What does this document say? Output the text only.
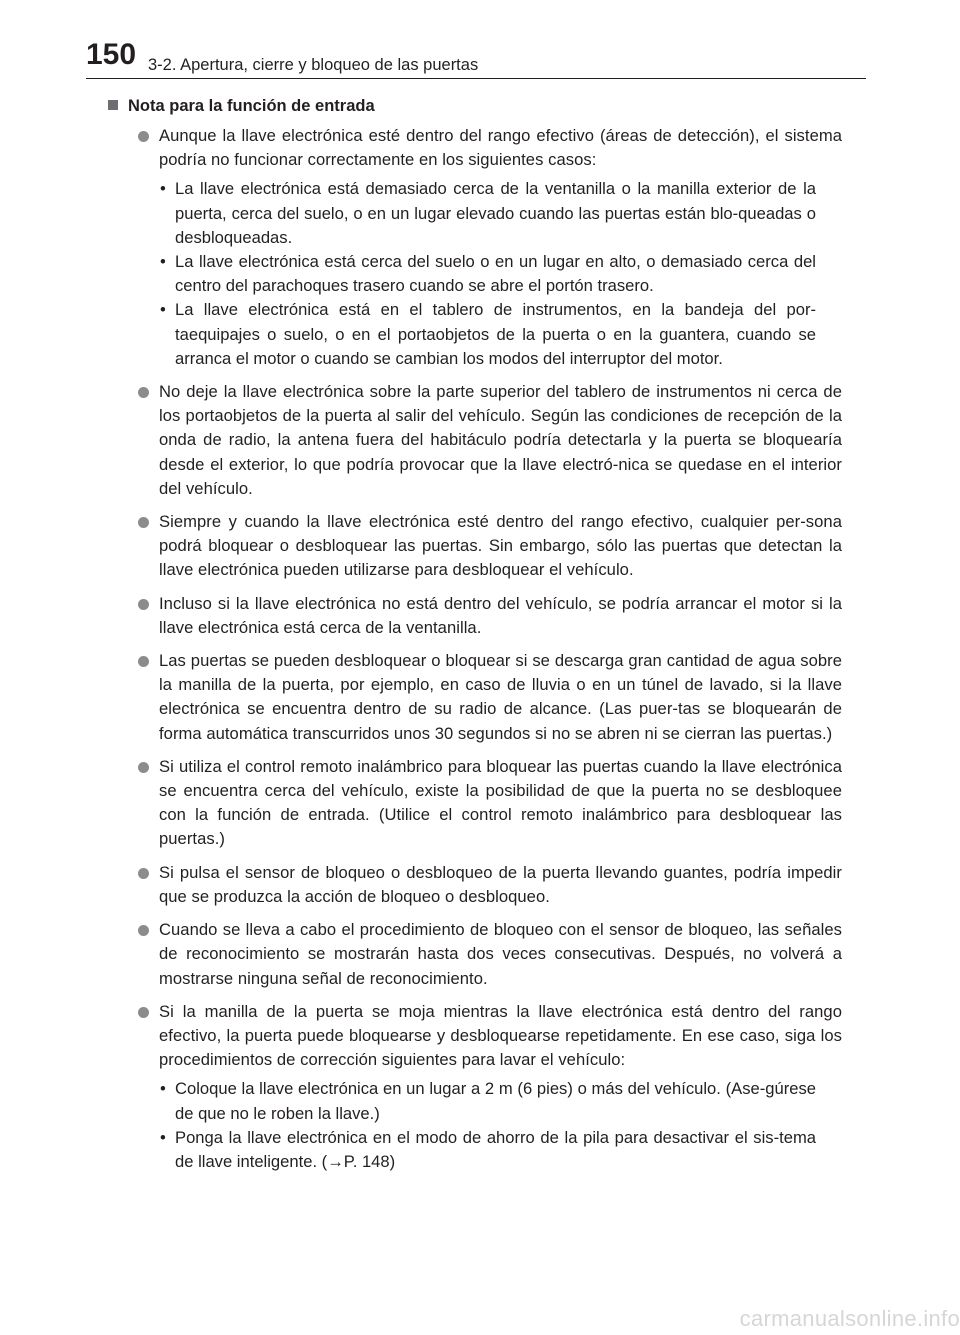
150 3-2. Apertura, cierre y bloqueo de las puertas
Nota para la función de entrada
Aunque la llave electrónica esté dentro del rango efectivo (áreas de detección), el sistema podría no funcionar correctamente en los siguientes casos:
• La llave electrónica está demasiado cerca de la ventanilla o la manilla exterior de la puerta, cerca del suelo, o en un lugar elevado cuando las puertas están blo-queadas o desbloqueadas.
• La llave electrónica está cerca del suelo o en un lugar en alto, o demasiado cerca del centro del parachoques trasero cuando se abre el portón trasero.
• La llave electrónica está en el tablero de instrumentos, en la bandeja del por-taequipajes o suelo, o en el portaobjetos de la puerta o en la guantera, cuando se arranca el motor o cuando se cambian los modos del interruptor del motor.
No deje la llave electrónica sobre la parte superior del tablero de instrumentos ni cerca de los portaobjetos de la puerta al salir del vehículo. Según las condiciones de recepción de la onda de radio, la antena fuera del habitáculo podría detectarla y la puerta se bloquearía desde el exterior, lo que podría provocar que la llave electró-nica se quedase en el interior del vehículo.
Siempre y cuando la llave electrónica esté dentro del rango efectivo, cualquier per-sona podrá bloquear o desbloquear las puertas. Sin embargo, sólo las puertas que detectan la llave electrónica pueden utilizarse para desbloquear el vehículo.
Incluso si la llave electrónica no está dentro del vehículo, se podría arrancar el motor si la llave electrónica está cerca de la ventanilla.
Las puertas se pueden desbloquear o bloquear si se descarga gran cantidad de agua sobre la manilla de la puerta, por ejemplo, en caso de lluvia o en un túnel de lavado, si la llave electrónica se encuentra dentro de su radio de alcance. (Las puer-tas se bloquearán de forma automática transcurridos unos 30 segundos si no se abren ni se cierran las puertas.)
Si utiliza el control remoto inalámbrico para bloquear las puertas cuando la llave electrónica se encuentra cerca del vehículo, existe la posibilidad de que la puerta no se desbloquee con la función de entrada. (Utilice el control remoto inalámbrico para desbloquear las puertas.)
Si pulsa el sensor de bloqueo o desbloqueo de la puerta llevando guantes, podría impedir que se produzca la acción de bloqueo o desbloqueo.
Cuando se lleva a cabo el procedimiento de bloqueo con el sensor de bloqueo, las señales de reconocimiento se mostrarán hasta dos veces consecutivas. Después, no volverá a mostrarse ninguna señal de reconocimiento.
Si la manilla de la puerta se moja mientras la llave electrónica está dentro del rango efectivo, la puerta puede bloquearse y desbloquearse repetidamente. En ese caso, siga los procedimientos de corrección siguientes para lavar el vehículo:
• Coloque la llave electrónica en un lugar a 2 m (6 pies) o más del vehículo. (Ase-gúrese de que no le roben la llave.)
• Ponga la llave electrónica en el modo de ahorro de la pila para desactivar el sis-tema de llave inteligente. (→P. 148)
carmanualsonline.info
